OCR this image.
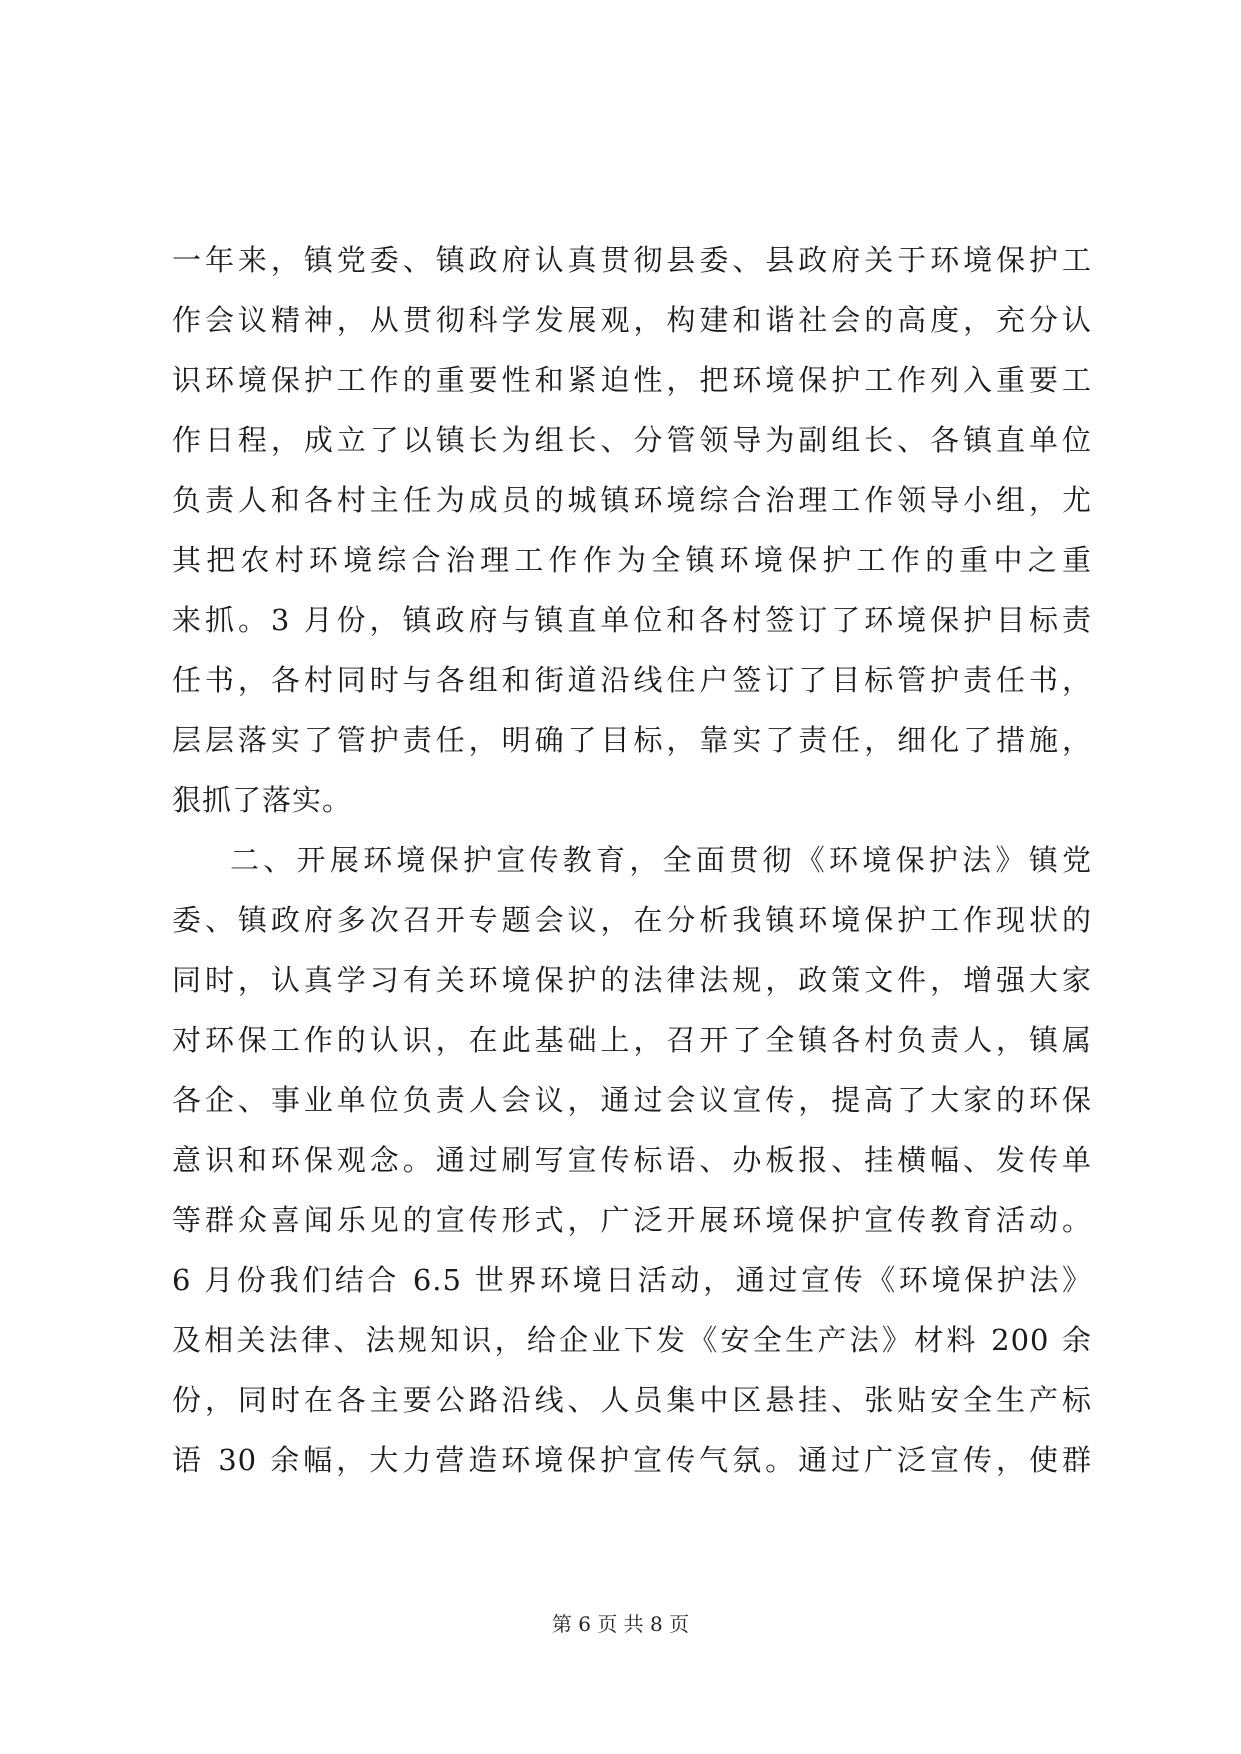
一年来，镇党委、镇政府认真贯彻县委、县政府关于环境保护工
作会议精神，从贯彻科学发展观，构建和谐社会的高度，充分认
识环境保护工作的重要性和紧迫性，把环境保护工作列入重要工
作日程，成立了以镇长为组长、分管领导为副组长、各镇直单位
负责人和各村主任为成员的城镇环境综合治理工作领导小组，尤
其把农村环境综合治理工作作为全镇环境保护工作的重中之重
来抓。3 月份，镇政府与镇直单位和各村签订了环境保护目标责
任书，各村同时与各组和街道沿线住户签订了目标管护责任书，
层层落实了管护责任，明确了目标，靠实了责任，细化了措施，
狠抓了落实。
二、开展环境保护宣传教育，全面贯彻《环境保护法》镇党
委、镇政府多次召开专题会议，在分析我镇环境保护工作现状的
同时，认真学习有关环境保护的法律法规，政策文件，增强大家
对环保工作的认识，在此基础上，召开了全镇各村负责人，镇属
各企、事业单位负责人会议，通过会议宣传，提高了大家的环保
意识和环保观念。通过刷写宣传标语、办板报、挂横幅、发传单
等群众喜闻乐见的宣传形式，广泛开展环境保护宣传教育活动。
6 月份我们结合 6.5 世界环境日活动，通过宣传《环境保护法》
及相关法律、法规知识，给企业下发《安全生产法》材料 200 余
份，同时在各主要公路沿线、人员集中区悬挂、张贴安全生产标
语 30 余幅，大力营造环境保护宣传气氛。通过广泛宣传，使群
第 6 页 共 8 页
